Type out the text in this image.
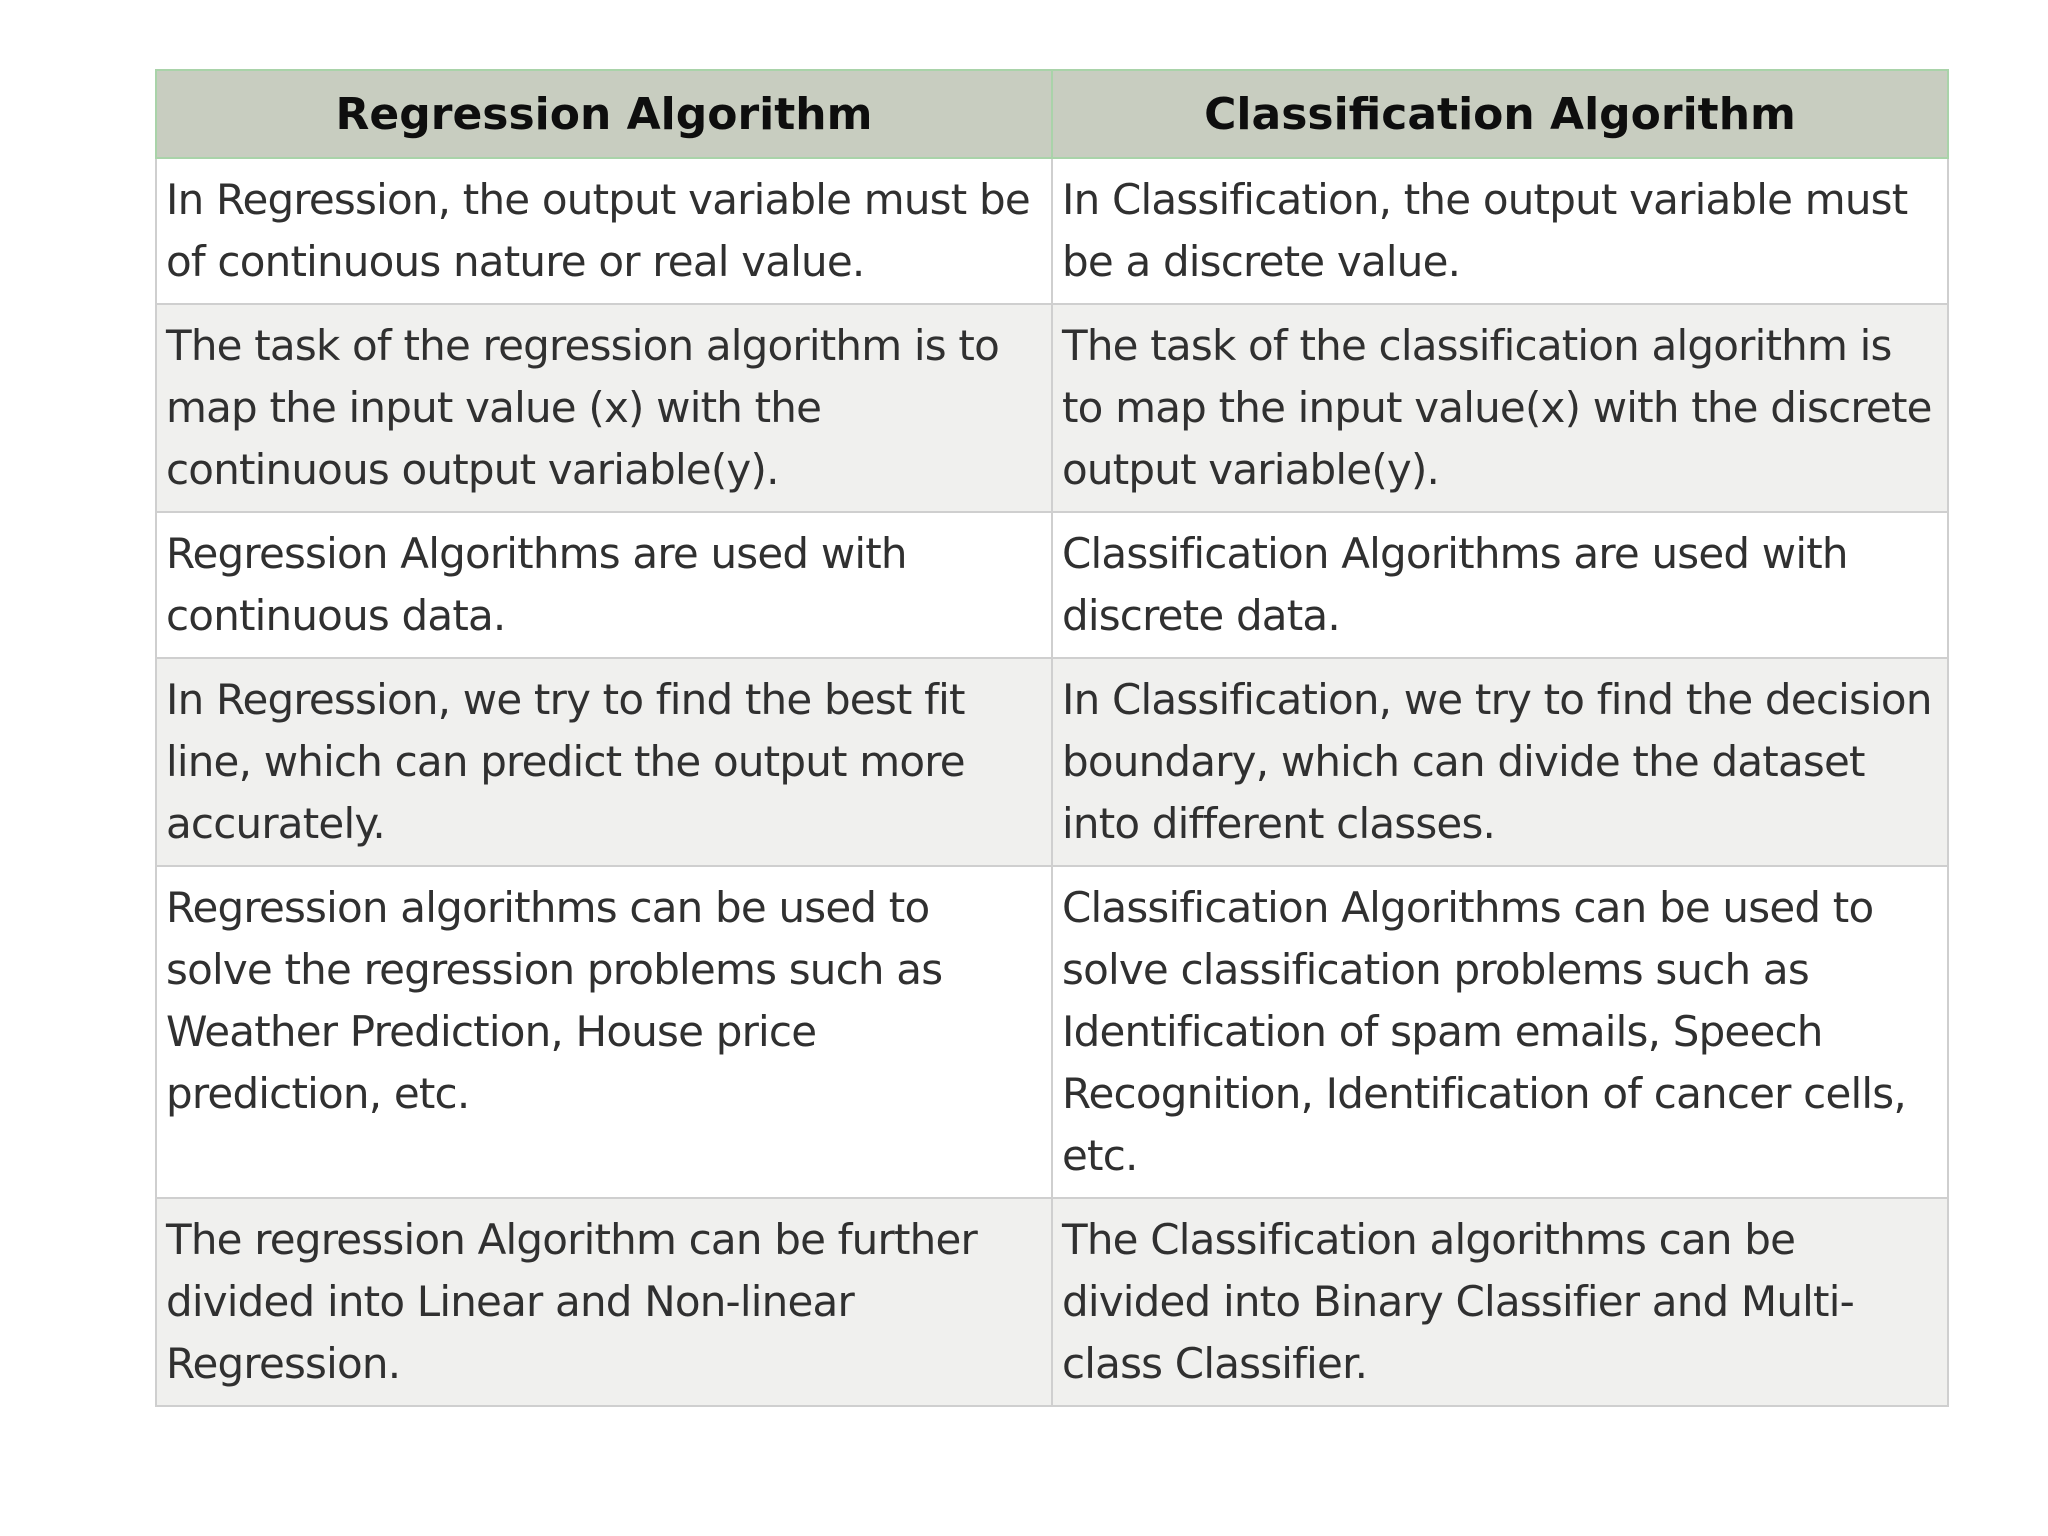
Regression Algorithm	Classification Algorithm

In Regression, the output variable must be of continuous nature or real value.	In Classification, the output variable must be a discrete value.

The task of the regression algorithm is to map the input value (x) with the continuous output variable(y).	The task of the classification algorithm is to map the input value(x) with the discrete output variable(y).

Regression Algorithms are used with continuous data.	Classification Algorithms are used with discrete data.

In Regression, we try to find the best fit line, which can predict the output more accurately.	In Classification, we try to find the decision boundary, which can divide the dataset into different classes.

Regression algorithms can be used to solve the regression problems such as Weather Prediction, House price prediction, etc.	Classification Algorithms can be used to solve classification problems such as Identification of spam emails, Speech Recognition, Identification of cancer cells, etc.

The regression Algorithm can be further divided into Linear and Non-linear Regression.	The Classification algorithms can be divided into Binary Classifier and Multi-class Classifier.
